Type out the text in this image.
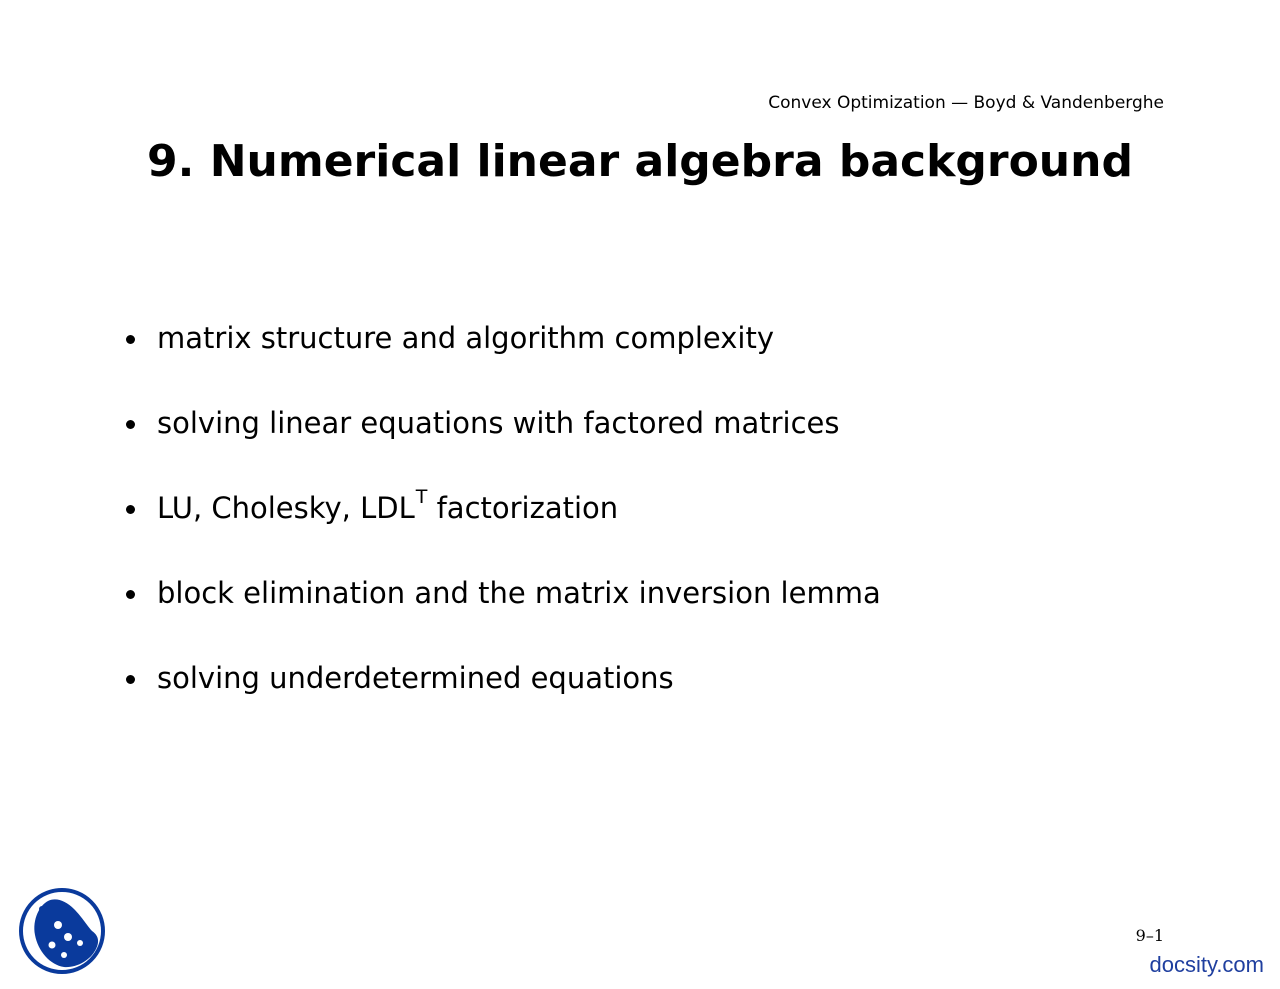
Convex Optimization — Boyd & Vandenberghe
9. Numerical linear algebra background
matrix structure and algorithm complexity
solving linear equations with factored matrices
LU, Cholesky, $LDL^T$ factorization
block elimination and the matrix inversion lemma
solving underdetermined equations
9–1
docsity.com
